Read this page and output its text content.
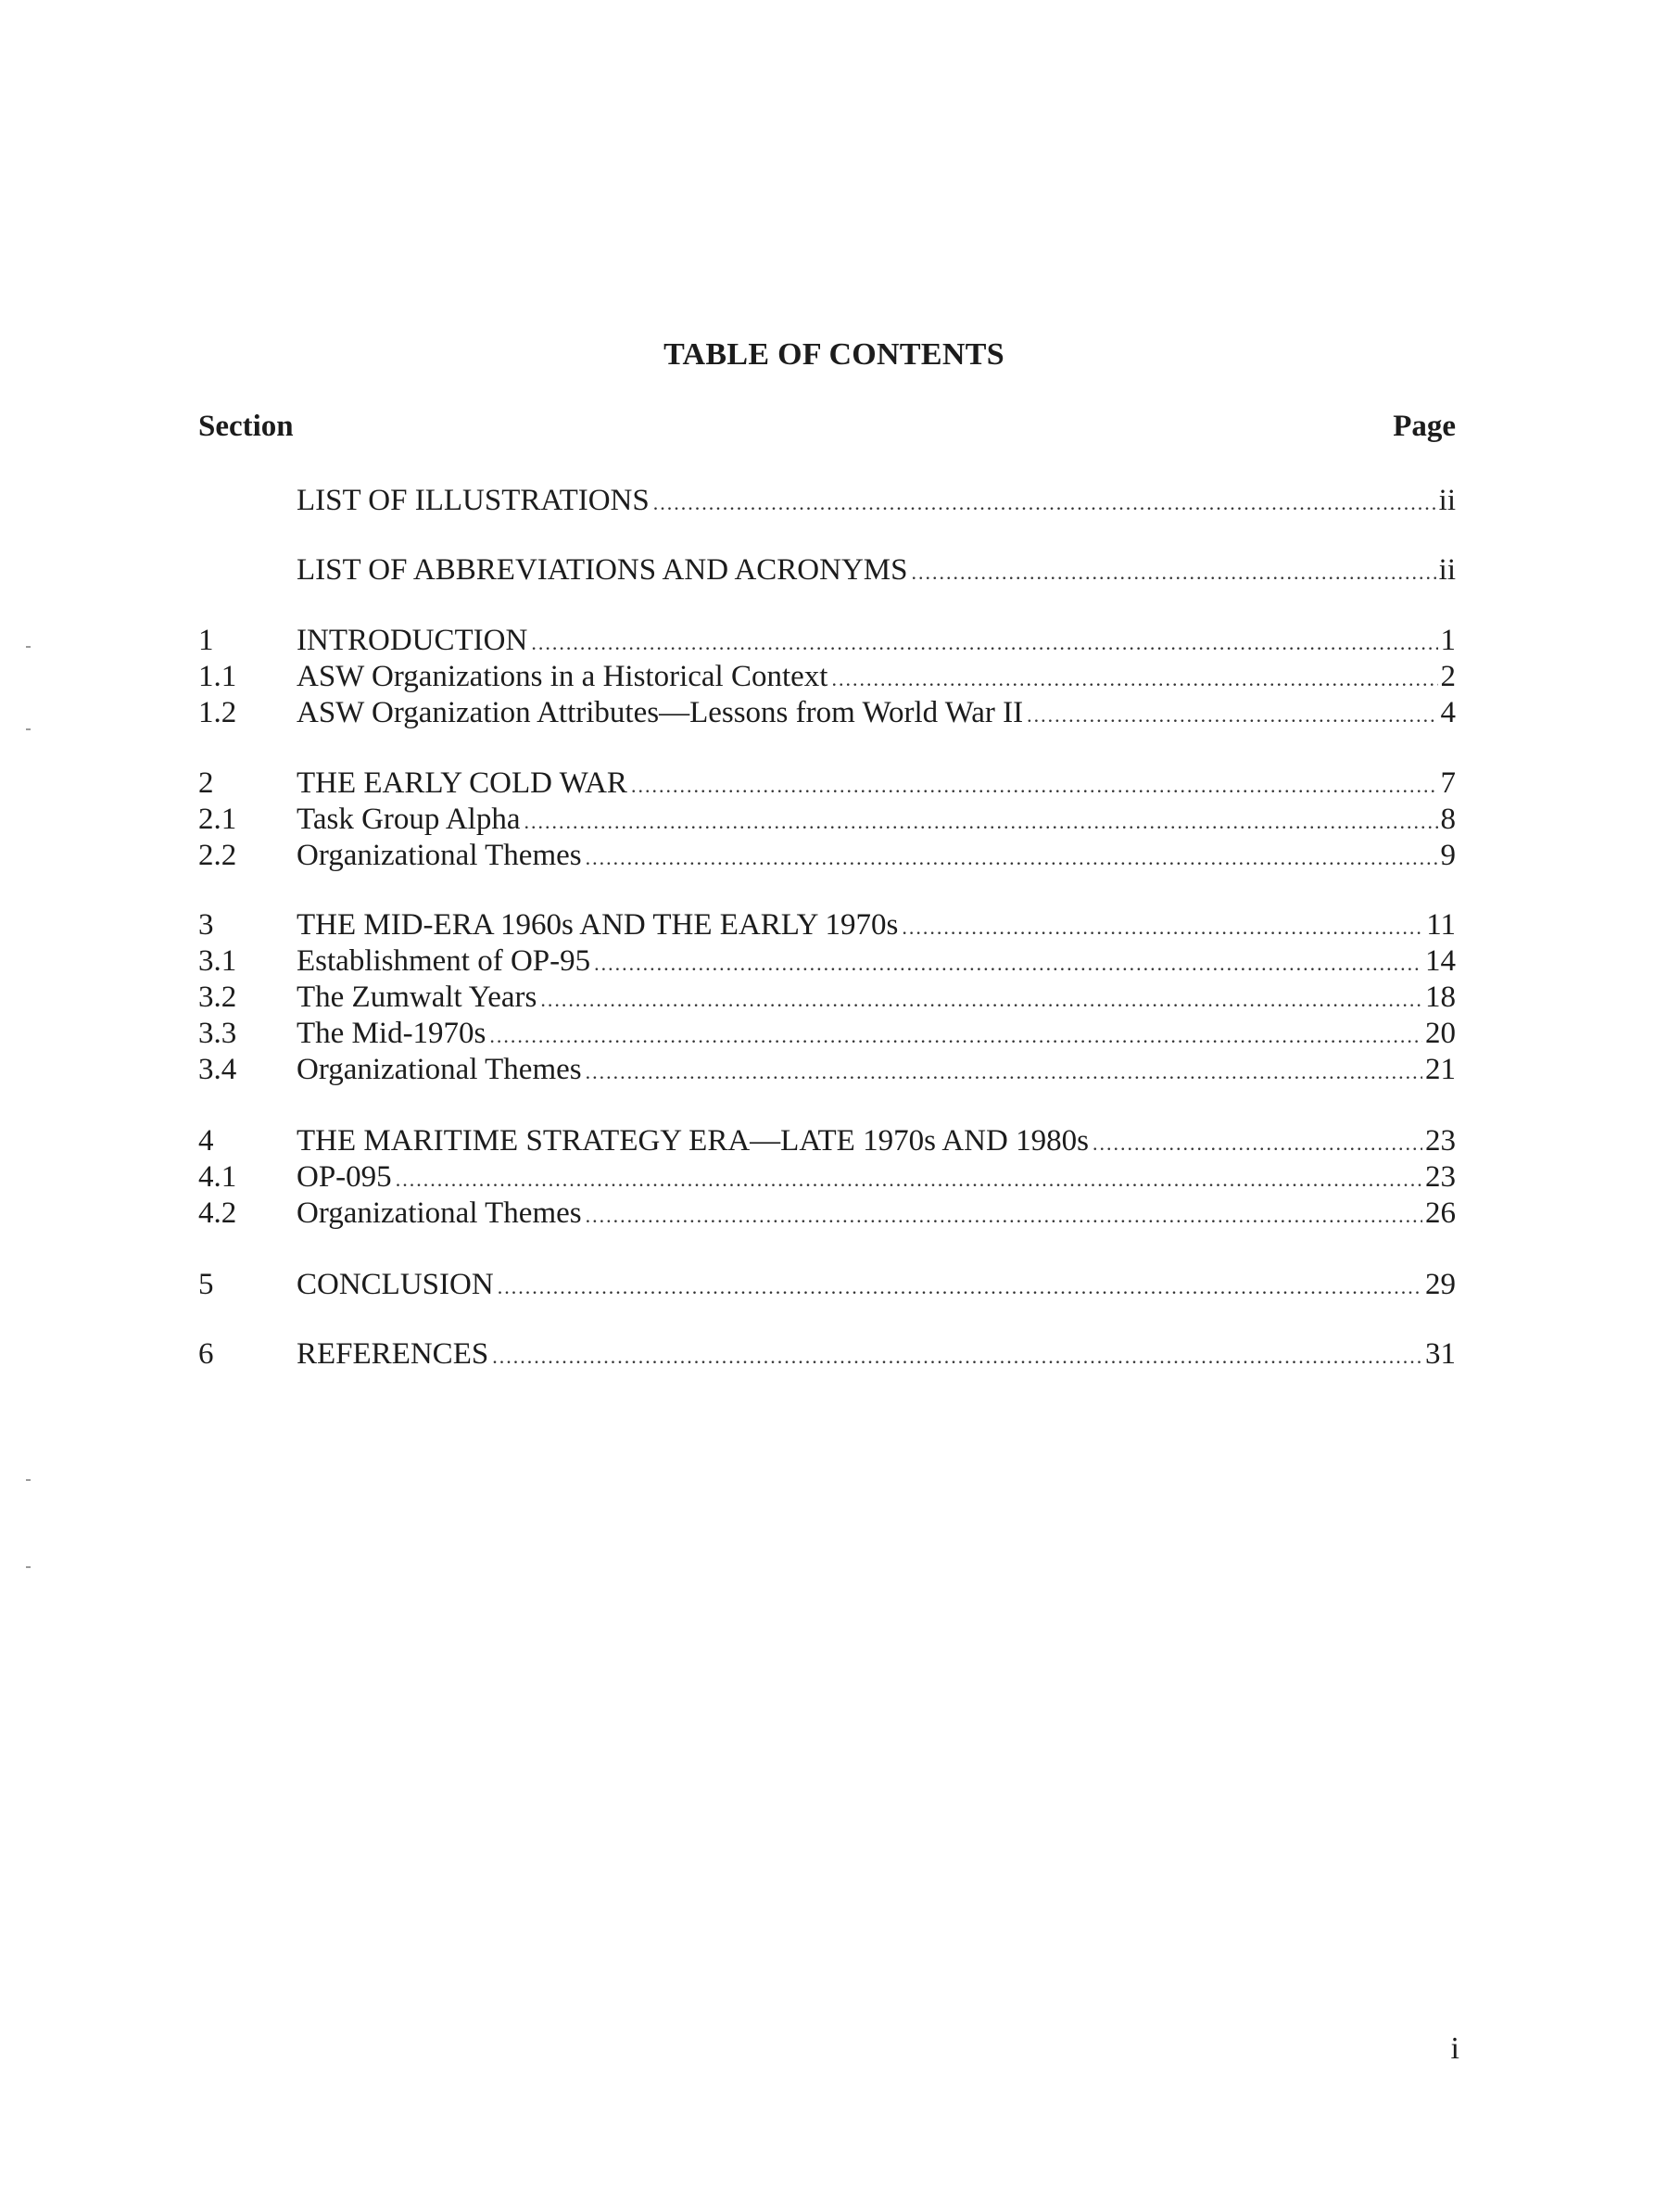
TABLE OF CONTENTS
Section	Page
LIST OF ILLUSTRATIONS .....	ii
LIST OF ABBREVIATIONS AND ACRONYMS .....	ii
1	INTRODUCTION .....	1
1.1	ASW Organizations in a Historical Context .....	2
1.2	ASW Organization Attributes—Lessons from World War II .....	4
2	THE EARLY COLD WAR .....	7
2.1	Task Group Alpha .....	8
2.2	Organizational Themes .....	9
3	THE MID-ERA 1960s AND THE EARLY 1970s .....	11
3.1	Establishment of OP-95 .....	14
3.2	The Zumwalt Years .....	18
3.3	The Mid-1970s .....	20
3.4	Organizational Themes .....	21
4	THE MARITIME STRATEGY ERA—LATE 1970s AND 1980s .....	23
4.1	OP-095 .....	23
4.2	Organizational Themes .....	26
5	CONCLUSION .....	29
6	REFERENCES .....	31
i
